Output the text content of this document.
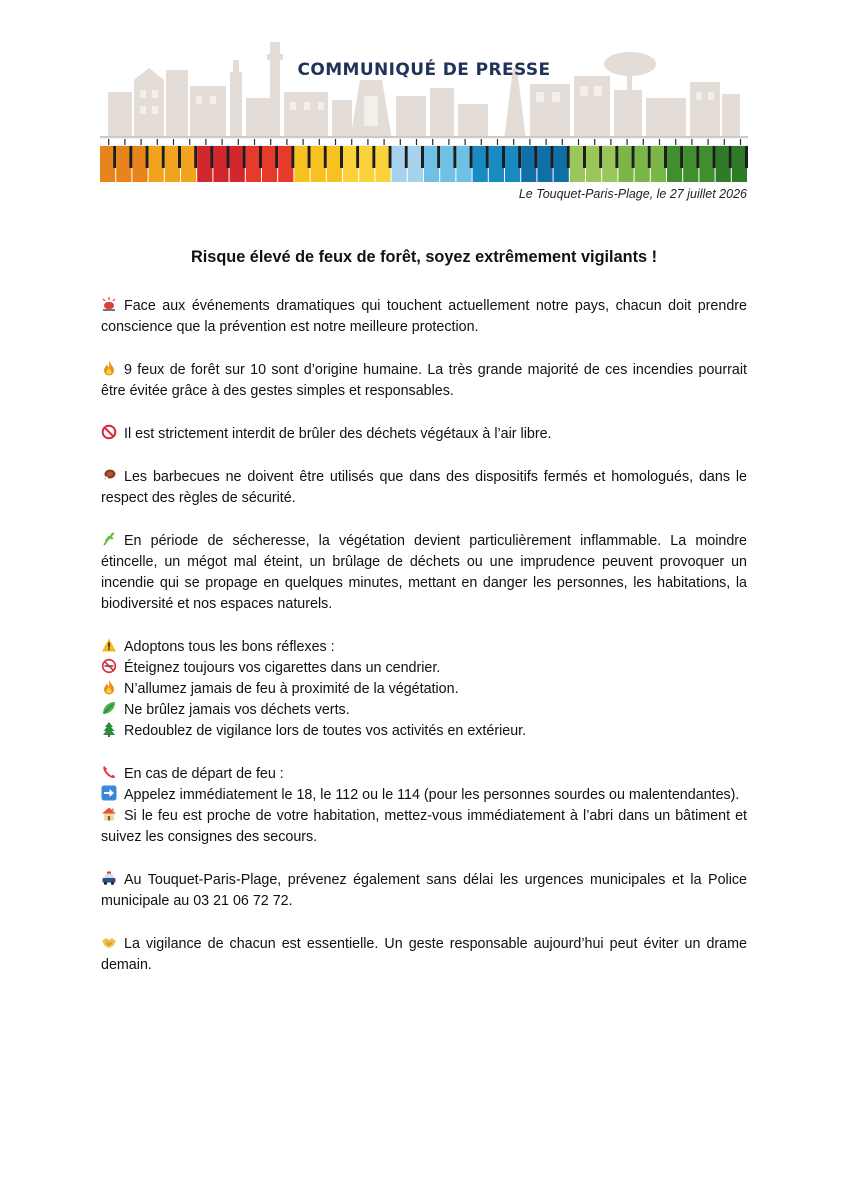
COMMUNIQUÉ DE PRESSE
Le Touquet-Paris-Plage, le 27 juillet 2026
Risque élevé de feux de forêt, soyez extrêmement vigilants !

Face aux événements dramatiques qui touchent actuellement notre pays, chacun doit prendre conscience que la prévention est notre meilleure protection.

9 feux de forêt sur 10 sont d’origine humaine. La très grande majorité de ces incendies pourrait être évitée grâce à des gestes simples et responsables.

Il est strictement interdit de brûler des déchets végétaux à l’air libre.

Les barbecues ne doivent être utilisés que dans des dispositifs fermés et homologués, dans le respect des règles de sécurité.

En période de sécheresse, la végétation devient particulièrement inflammable. La moindre étincelle, un mégot mal éteint, un brûlage de déchets ou une imprudence peuvent provoquer un incendie qui se propage en quelques minutes, mettant en danger les personnes, les habitations, la biodiversité et nos espaces naturels.

Adoptons tous les bons réflexes :

Éteignez toujours vos cigarettes dans un cendrier.

N’allumez jamais de feu à proximité de la végétation.

Ne brûlez jamais vos déchets verts.

Redoublez de vigilance lors de toutes vos activités en extérieur.

En cas de départ de feu :

Appelez immédiatement le 18, le 112 ou le 114 (pour les personnes sourdes ou malentendantes).

Si le feu est proche de votre habitation, mettez-vous immédiatement à l’abri dans un bâtiment et suivez les consignes des secours.

Au Touquet-Paris-Plage, prévenez également sans délai les urgences municipales et la Police municipale au 03 21 06 72 72.

La vigilance de chacun est essentielle. Un geste responsable aujourd’hui peut éviter un drame demain.
